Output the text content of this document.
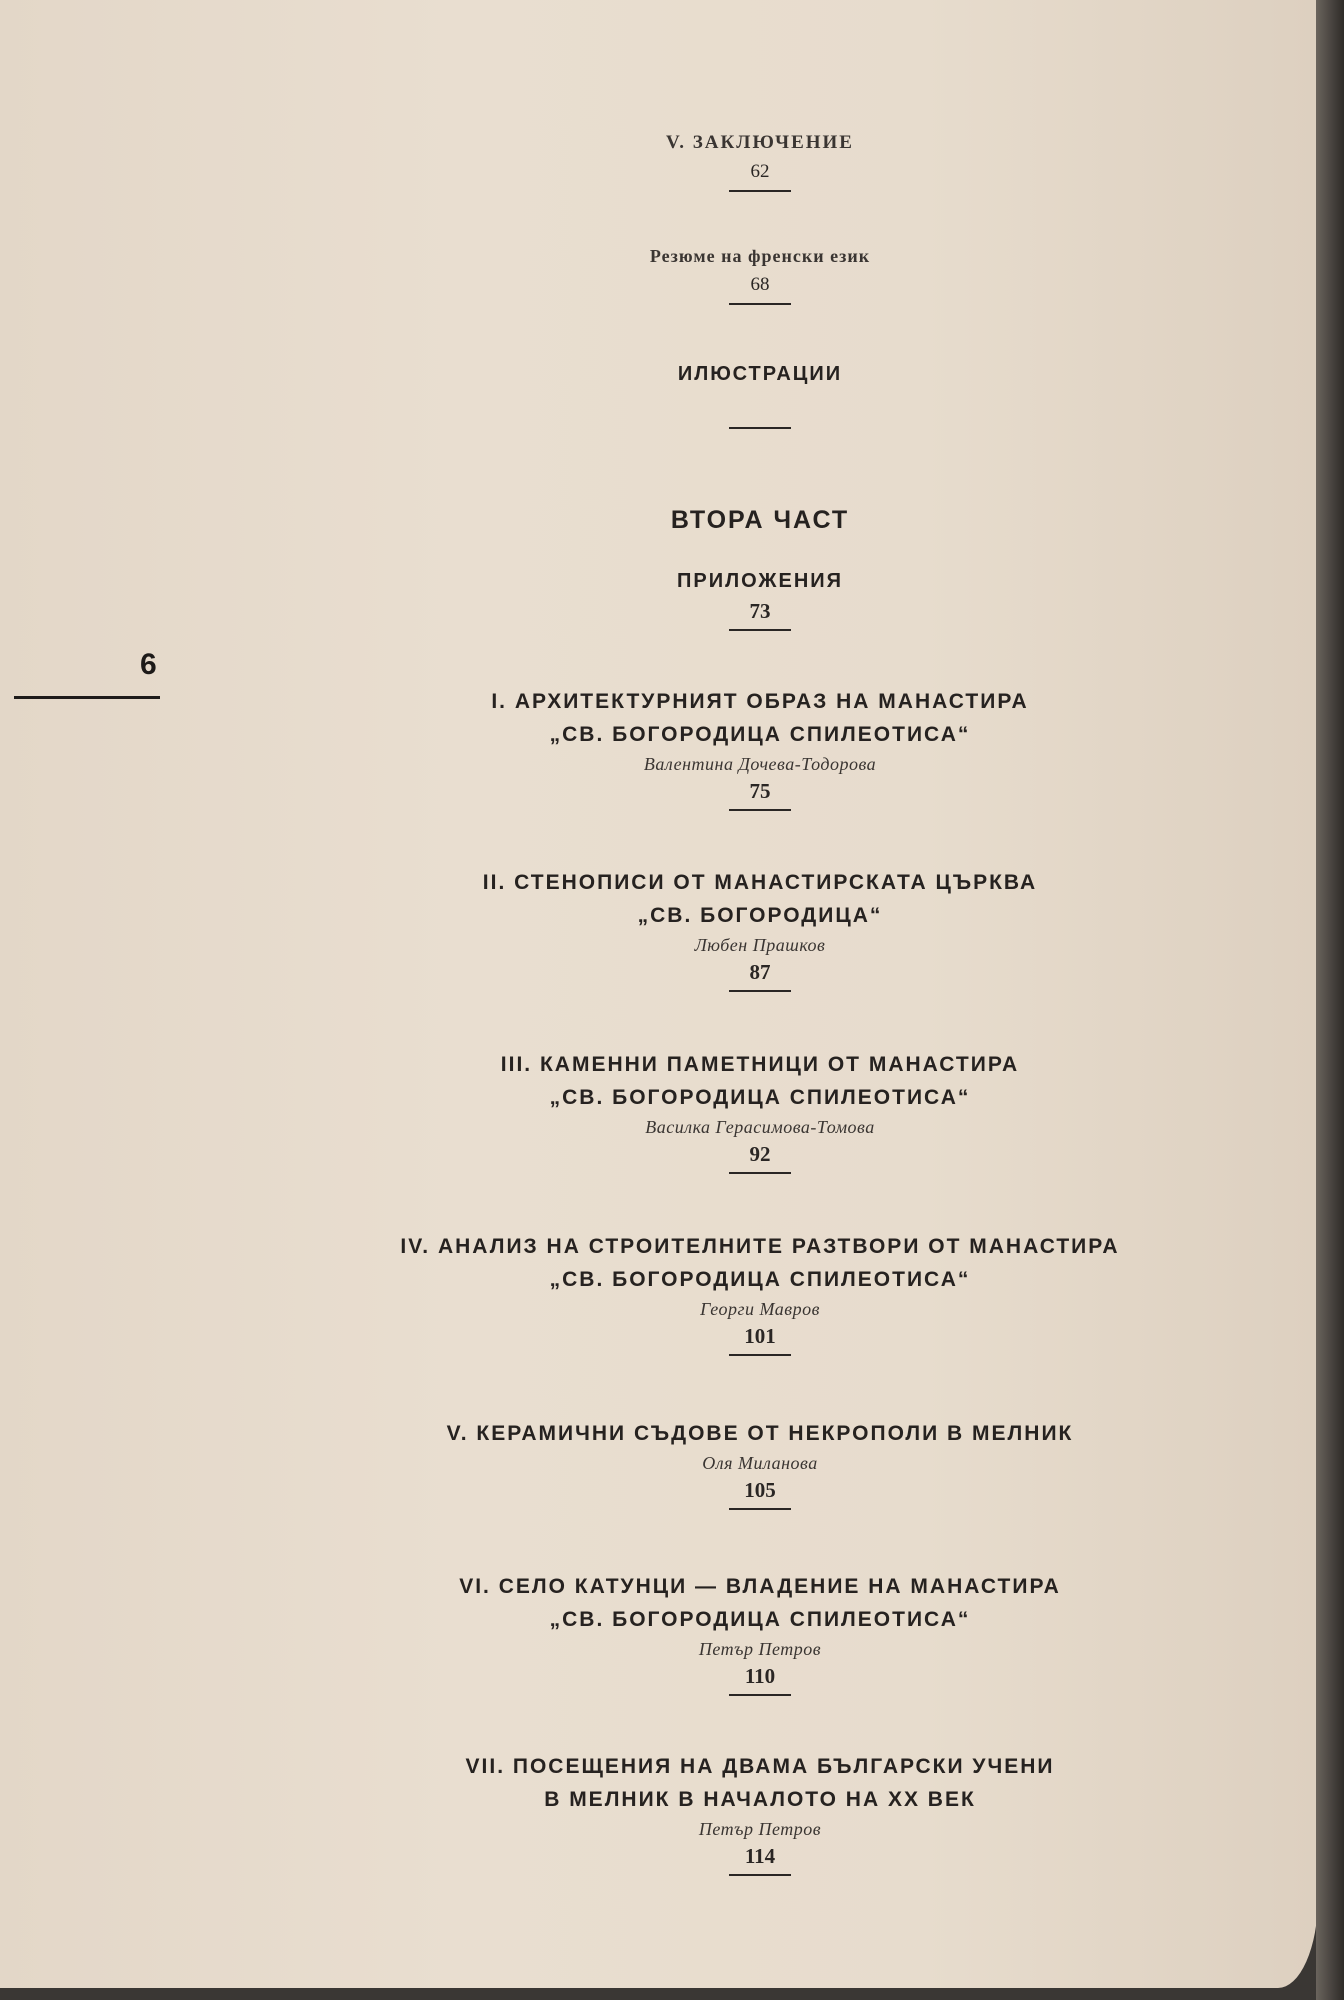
6
V. ЗАКЛЮЧЕНИЕ
62
Резюме на френски език
68
ИЛЮСТРАЦИИ
ВТОРА ЧАСТ
ПРИЛОЖЕНИЯ
73
I. АРХИТЕКТУРНИЯТ ОБРАЗ НА МАНАСТИРА
„СВ. БОГОРОДИЦА СПИЛЕОТИСА“
Валентина Дочева-Тодорова
75
II. СТЕНОПИСИ ОТ МАНАСТИРСКАТА ЦЪРКВА
„СВ. БОГОРОДИЦА“
Любен Прашков
87
III. КАМЕННИ ПАМЕТНИЦИ ОТ МАНАСТИРА
„СВ. БОГОРОДИЦА СПИЛЕОТИСА“
Василка Герасимова-Томова
92
IV. АНАЛИЗ НА СТРОИТЕЛНИТЕ РАЗТВОРИ ОТ МАНАСТИРА
„СВ. БОГОРОДИЦА СПИЛЕОТИСА“
Георги Мавров
101
V. КЕРАМИЧНИ СЪДОВЕ ОТ НЕКРОПОЛИ В МЕЛНИК
Оля Миланова
105
VI. СЕЛО КАТУНЦИ — ВЛАДЕНИЕ НА МАНАСТИРА
„СВ. БОГОРОДИЦА СПИЛЕОТИСА“
Петър Петров
110
VII. ПОСЕЩЕНИЯ НА ДВАМА БЪЛГАРСКИ УЧЕНИ
В МЕЛНИК В НАЧАЛОТО НА ХХ ВЕК
Петър Петров
114
